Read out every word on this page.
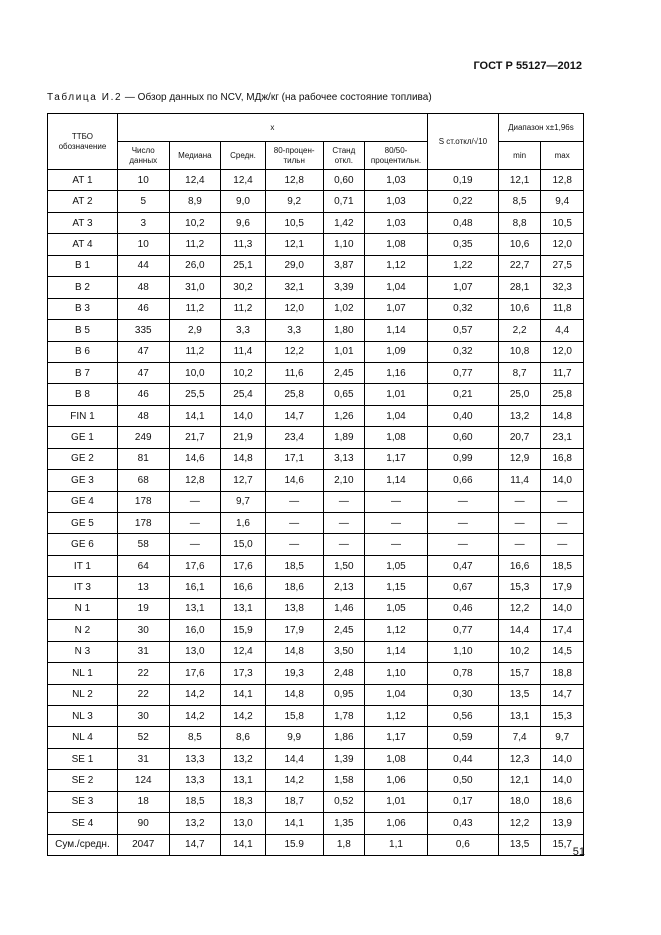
ГОСТ Р 55127—2012
Таблица И.2 — Обзор данных по NCV, МДж/кг (на рабочее состояние топлива)
ТТБО обозначение	x						S ст.откл/√10	Диапазон x±1,96s	
	Число данных	Медиана	Средн.	80-процен-тильн	Станд откл.	80/50-процентильн.		min	max
AT 1	10	12,4	12,4	12,8	0,60	1,03	0,19	12,1	12,8
AT 2	5	8,9	9,0	9,2	0,71	1,03	0,22	8,5	9,4
AT 3	3	10,2	9,6	10,5	1,42	1,03	0,48	8,8	10,5
AT 4	10	11,2	11,3	12,1	1,10	1,08	0,35	10,6	12,0
B 1	44	26,0	25,1	29,0	3,87	1,12	1,22	22,7	27,5
B 2	48	31,0	30,2	32,1	3,39	1,04	1,07	28,1	32,3
B 3	46	11,2	11,2	12,0	1,02	1,07	0,32	10,6	11,8
B 5	335	2,9	3,3	3,3	1,80	1,14	0,57	2,2	4,4
B 6	47	11,2	11,4	12,2	1,01	1,09	0,32	10,8	12,0
B 7	47	10,0	10,2	11,6	2,45	1,16	0,77	8,7	11,7
B 8	46	25,5	25,4	25,8	0,65	1,01	0,21	25,0	25,8
FIN 1	48	14,1	14,0	14,7	1,26	1,04	0,40	13,2	14,8
GE 1	249	21,7	21,9	23,4	1,89	1,08	0,60	20,7	23,1
GE 2	81	14,6	14,8	17,1	3,13	1,17	0,99	12,9	16,8
GE 3	68	12,8	12,7	14,6	2,10	1,14	0,66	11,4	14,0
GE 4	178	—	9,7	—	—	—	—	—	—
GE 5	178	—	1,6	—	—	—	—	—	—
GE 6	58	—	15,0	—	—	—	—	—	—
IT 1	64	17,6	17,6	18,5	1,50	1,05	0,47	16,6	18,5
IT 3	13	16,1	16,6	18,6	2,13	1,15	0,67	15,3	17,9
N 1	19	13,1	13,1	13,8	1,46	1,05	0,46	12,2	14,0
N 2	30	16,0	15,9	17,9	2,45	1,12	0,77	14,4	17,4
N 3	31	13,0	12,4	14,8	3,50	1,14	1,10	10,2	14,5
NL 1	22	17,6	17,3	19,3	2,48	1,10	0,78	15,7	18,8
NL 2	22	14,2	14,1	14,8	0,95	1,04	0,30	13,5	14,7
NL 3	30	14,2	14,2	15,8	1,78	1,12	0,56	13,1	15,3
NL 4	52	8,5	8,6	9,9	1,86	1,17	0,59	7,4	9,7
SE 1	31	13,3	13,2	14,4	1,39	1,08	0,44	12,3	14,0
SE 2	124	13,3	13,1	14,2	1,58	1,06	0,50	12,1	14,0
SE 3	18	18,5	18,3	18,7	0,52	1,01	0,17	18,0	18,6
SE 4	90	13,2	13,0	14,1	1,35	1,06	0,43	12,2	13,9
Сум./средн.	2047	14,7	14,1	15.9	1,8	1,1	0,6	13,5	15,7
51
